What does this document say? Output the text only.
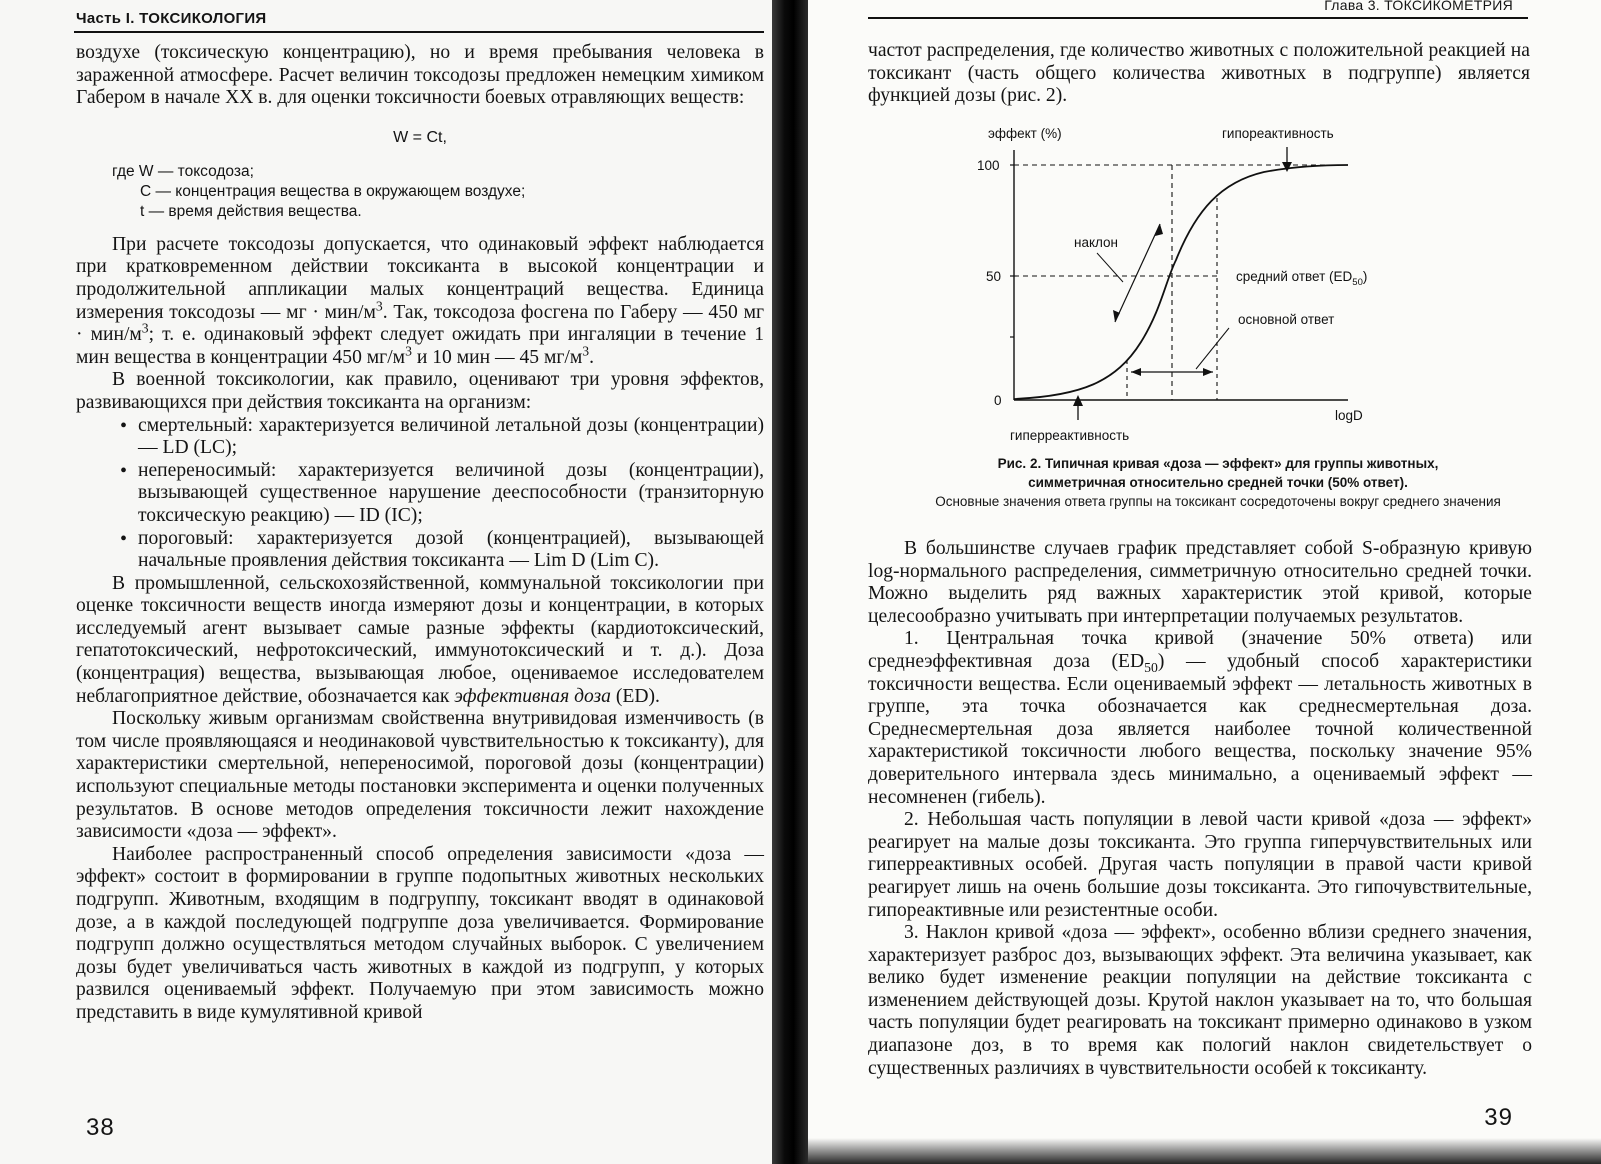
Часть I. ТОКСИКОЛОГИЯ

воздухе (токсическую концентрацию), но и время пребывания человека в зараженной атмосфере. Расчет величин токсодозы предложен немецким химиком Габером в начале XX в. для оценки токсичности боевых отравляющих веществ:

W = Ct,

где W — токсодоза;

C — концентрация вещества в окружающем воздухе;

t — время действия вещества.

При расчете токсодозы допускается, что одинаковый эффект наблюдается при кратковременном действии токсиканта в высокой концентрации и продолжительной аппликации малых концентраций вещества. Единица измерения токсодозы — мг · мин/$м^3$. Так, токсодоза фосгена по Габеру — 450 мг · мин/$м^3$; т. е. одинаковый эффект следует ожидать при ингаляции в течение 1 мин вещества в концентрации 450 $мг/м^3$ и 10 мин — 45 $мг/м^3$.

В военной токсикологии, как правило, оценивают три уровня эффектов, развивающихся при действия токсиканта на организм:

• смертельный: характеризуется величиной летальной дозы (концентрации) — LD (LC);
• непереносимый: характеризуется величиной дозы (концентрации), вызывающей существенное нарушение дееспособности (транзиторную токсическую реакцию) — ID (IC);
• пороговый: характеризуется дозой (концентрацией), вызывающей начальные проявления действия токсиканта — Lim D (Lim C).

В промышленной, сельскохозяйственной, коммунальной токсикологии при оценке токсичности веществ иногда измеряют дозы и концентрации, в которых исследуемый агент вызывает самые разные эффекты (кардиотоксический, гепатотоксический, нефротоксический, иммунотоксический и т. д.). Доза (концентрация) вещества, вызывающая любое, оцениваемое исследователем неблагоприятное действие, обозначается как эффективная доза (ED).

Поскольку живым организмам свойственна внутривидовая изменчивость (в том числе проявляющаяся и неодинаковой чувствительностью к токсиканту), для характеристики смертельной, непереносимой, пороговой дозы (концентрации) используют специальные методы постановки эксперимента и оценки полученных результатов. В основе методов определения токсичности лежит нахождение зависимости «доза — эффект».

Наиболее распространенный способ определения зависимости «доза — эффект» состоит в формировании в группе подопытных животных нескольких подгрупп. Животным, входящим в подгруппу, токсикант вводят в одинаковой дозе, а в каждой последующей подгруппе доза увеличивается. Формирование подгрупп должно осуществляться методом случайных выборок. С увеличением дозы будет увеличиваться часть животных в каждой из подгрупп, у которых развился оцениваемый эффект. Получаемую при этом зависимость можно представить в виде кумулятивной кривой

38
Глава 3. ТОКСИКОМЕТРИЯ

частот распределения, где количество животных с положительной реакцией на токсикант (часть общего количества животных в подгруппе) является функцией дозы (рис. 2).

эффект (%)	гипореактивность
100
50
0
наклон
средний ответ $(ED_{50})$
основной ответ
logD
гиперреактивность
Рис. 2. Типичная кривая «доза — эффект» для группы животных,
симметричная относительно средней точки (50% ответ).
Основные значения ответа группы на токсикант сосредоточены вокруг среднего значения

В большинстве случаев график представляет собой S-образную кривую log-нормального распределения, симметричную относительно средней точки. Можно выделить ряд важных характеристик этой кривой, которые целесообразно учитывать при интерпретации получаемых результатов.

1. Центральная точка кривой (значение 50% ответа) или среднеэффективная доза $(ED_{50})$ — удобный способ характеристики токсичности вещества. Если оцениваемый эффект — летальность животных в группе, эта точка обозначается как среднесмертельная доза. Среднесмертельная доза является наиболее точной количественной характеристикой токсичности любого вещества, поскольку значение 95% доверительного интервала здесь минимально, а оцениваемый эффект — несомненен (гибель).

2. Небольшая часть популяции в левой части кривой «доза — эффект» реагирует на малые дозы токсиканта. Это группа гиперчувствительных или гиперреактивных особей. Другая часть популяции в правой части кривой реагирует лишь на очень большие дозы токсиканта. Это гипочувствительные, гипореактивные или резистентные особи.

3. Наклон кривой «доза — эффект», особенно вблизи среднего значения, характеризует разброс доз, вызывающих эффект. Эта величина указывает, как велико будет изменение реакции популяции на действие токсиканта с изменением действующей дозы. Крутой наклон указывает на то, что большая часть популяции будет реагировать на токсикант примерно одинаково в узком диапазоне доз, в то время как пологий наклон свидетельствует о существенных различиях в чувствительности особей к токсиканту.

39
